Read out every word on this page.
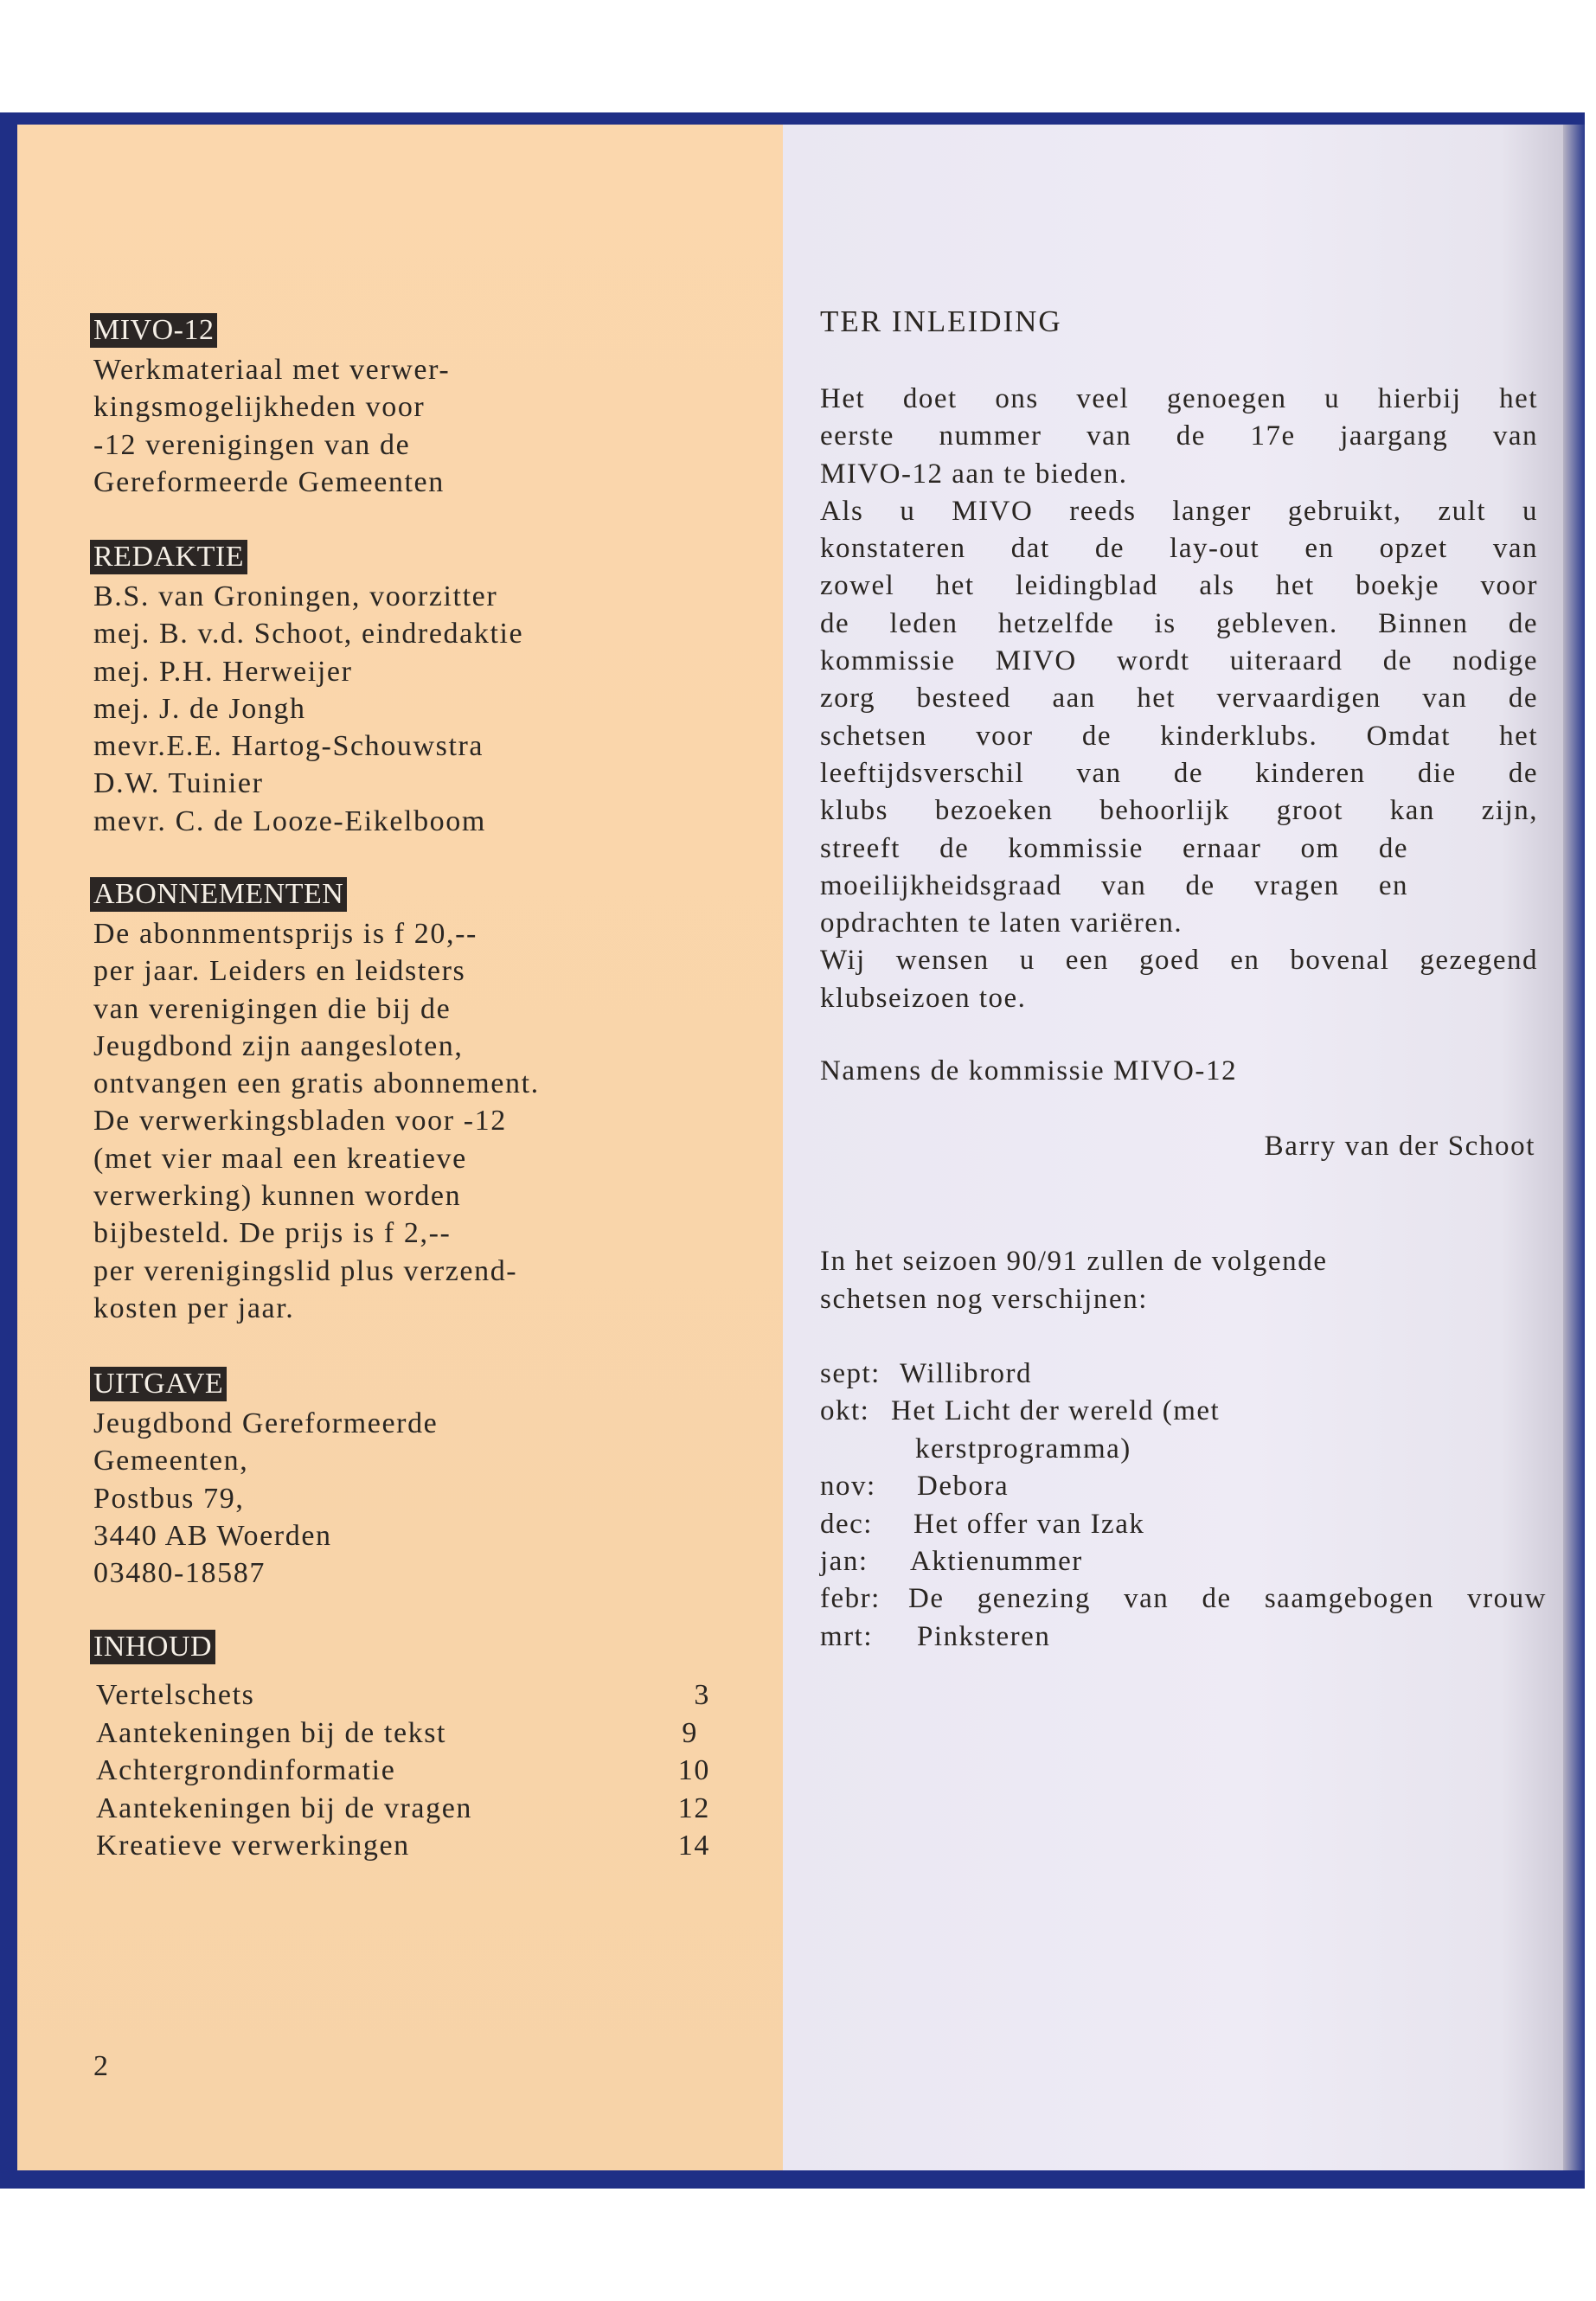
MIVO-12
Werkmateriaal met verwer-
kingsmogelijkheden voor
-12 verenigingen van de
Gereformeerde Gemeenten
REDAKTIE
B.S. van Groningen, voorzitter
mej. B. v.d. Schoot, eindredaktie
mej. P.H. Herweijer
mej. J. de Jongh
mevr.E.E. Hartog-Schouwstra
D.W. Tuinier
mevr. C. de Looze-Eikelboom
ABONNEMENTEN
De abonnmentsprijs is f 20,--
per jaar. Leiders en leidsters
van verenigingen die bij de
Jeugdbond zijn aangesloten,
ontvangen een gratis abonnement.
De verwerkingsbladen voor -12
(met vier maal een kreatieve
verwerking) kunnen worden
bijbesteld. De prijs is f 2,--
per verenigingslid plus verzend-
kosten per jaar.
UITGAVE
Jeugdbond Gereformeerde
Gemeenten,
Postbus 79,
3440 AB Woerden
03480-18587
INHOUD
Vertelschets	3
Aantekeningen bij de tekst	9
Achtergrondinformatie	10
Aantekeningen bij de vragen	12
Kreatieve verwerkingen	14
2
TER INLEIDING
Het doet ons veel genoegen u hierbij het
eerste nummer van de 17e jaargang van
MIVO-12 aan te bieden.
Als u MIVO reeds langer gebruikt, zult u
konstateren dat de lay-out en opzet van
zowel het leidingblad als het boekje voor
de leden hetzelfde is gebleven. Binnen de
kommissie MIVO wordt uiteraard de nodige
zorg besteed aan het vervaardigen van de
schetsen voor de kinderklubs. Omdat het
leeftijdsverschil van de kinderen die de
klubs bezoeken behoorlijk groot kan zijn,
streeft de kommissie ernaar om de
moeilijkheidsgraad van de vragen en
opdrachten te laten variëren.
Wij wensen u een goed en bovenal gezegend
klubseizoen toe.
Namens de kommissie MIVO-12
Barry van der Schoot
In het seizoen 90/91 zullen de volgende
schetsen nog verschijnen:
sept: Willibrord
okt: Het Licht der wereld (met
kerstprogramma)
nov:	Debora
dec:	Het offer van Izak
jan:	Aktienummer
febr: De genezing van de saamgebogen vrouw
mrt:	Pinksteren
